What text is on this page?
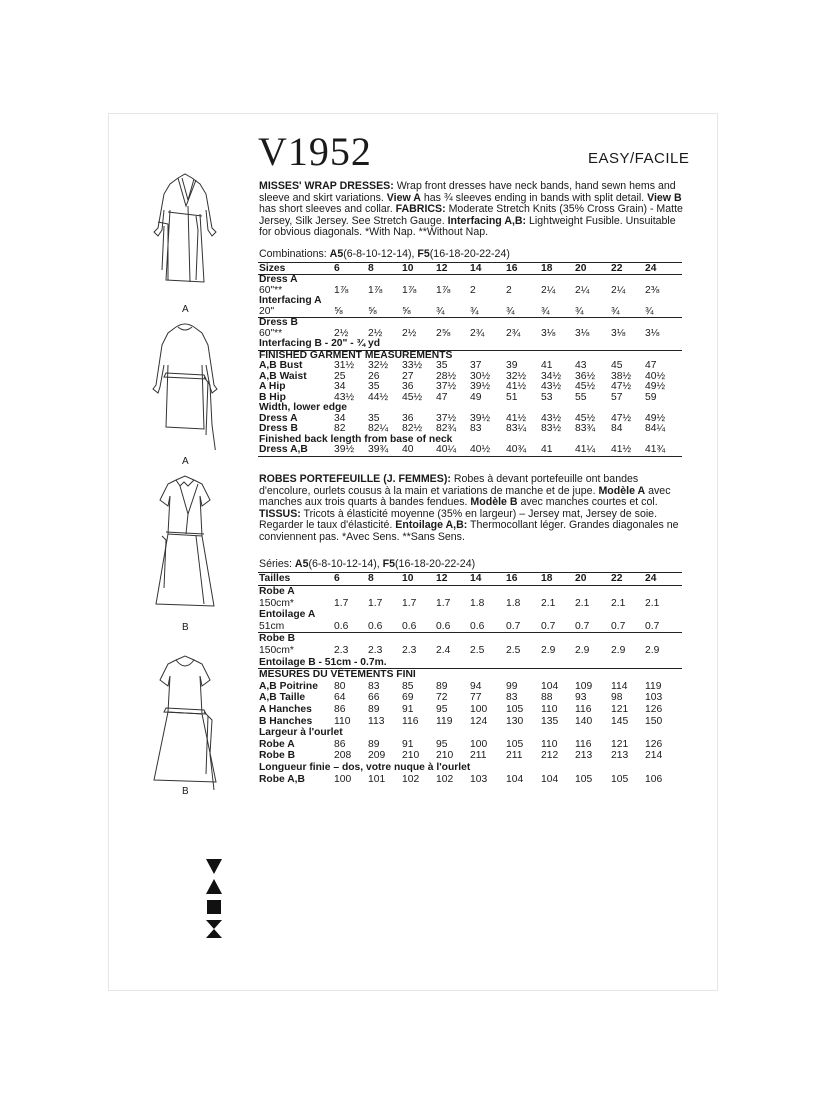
V1952	EASY/FACILE
MISSES' WRAP DRESSES: Wrap front dresses have neck bands, hand sewn hems and sleeve and skirt variations. View A has ¾ sleeves ending in bands with split detail. View B has short sleeves and collar. FABRICS: Moderate Stretch Knits (35% Cross Grain) - Matte Jersey, Silk Jersey. See Stretch Gauge. Interfacing A,B: Lightweight Fusible. Unsuitable for obvious diagonals. *With Nap. **Without Nap.
Combinations: A5(6-8-10-12-14), F5(16-18-20-22-24)
Sizes	6	8	10	12	14	16	18	20	22	24
Dress A
60"**	1⅞	1⅞	1⅞	1⅞	2	2	2¼	2¼	2¼	2⅜
Interfacing A
20"	⅝	⅝	⅝	¾	¾	¾	¾	¾	¾	¾
Dress B
60"**	2½	2½	2½	2⅝	2¾	2¾	3⅛	3⅛	3⅛	3⅛
Interfacing B - 20" - ¾ yd
FINISHED GARMENT MEASUREMENTS
A,B Bust	31½	32½	33½	35	37	39	41	43	45	47
A,B Waist	25	26	27	28½	30½	32½	34½	36½	38½	40½
A Hip	34	35	36	37½	39½	41½	43½	45½	47½	49½
B Hip	43½	44½	45½	47	49	51	53	55	57	59
Width, lower edge
Dress A	34	35	36	37½	39½	41½	43½	45½	47½	49½
Dress B	82	82¼	82½	82¾	83	83¼	83½	83¾	84	84¼
Finished back length from base of neck
Dress A,B	39½	39¾	40	40¼	40½	40¾	41	41¼	41½	41¾
ROBES PORTEFEUILLE (J. FEMMES): Robes à devant portefeuille ont bandes d'encolure, ourlets cousus à la main et variations de manche et de jupe. Modèle A avec manches aux trois quarts à bandes fendues. Modèle B avec manches courtes et col. TISSUS: Tricots à élasticité moyenne (35% en largeur) – Jersey mat, Jersey de soie. Regarder le taux d'élasticité. Entoilage A,B: Thermocollant léger. Grandes diagonales ne conviennent pas. *Avec Sens. **Sans Sens.
Séries: A5(6-8-10-12-14), F5(16-18-20-22-24)
Tailles	6	8	10	12	14	16	18	20	22	24
Robe A
150cm*	1.7	1.7	1.7	1.7	1.8	1.8	2.1	2.1	2.1	2.1
Entoilage A
51cm	0.6	0.6	0.6	0.6	0.6	0.7	0.7	0.7	0.7	0.7
Robe B
150cm*	2.3	2.3	2.3	2.4	2.5	2.5	2.9	2.9	2.9	2.9
Entoilage B - 51cm - 0.7m.
MESURES DU VÊTEMENTS FINI
A,B Poitrine 80	83	85	89	94	99	104	109	114	119
A,B Taille	64	66	69	72	77	83	88	93	98	103
A Hanches 86	89	91	95	100	105	110	116	121	126
B Hanches 110	113	116	119	124	130	135	140	145	150
Largeur à l'ourlet
Robe A	86	89	91	95	100	105	110	116	121	126
Robe B	208	209	210	210	211	211	212	213	213	214
Longueur finie – dos, votre nuque à l'ourlet
Robe A,B	100	101	102	102	103	104	104	105	105	106
A
A
B
B
